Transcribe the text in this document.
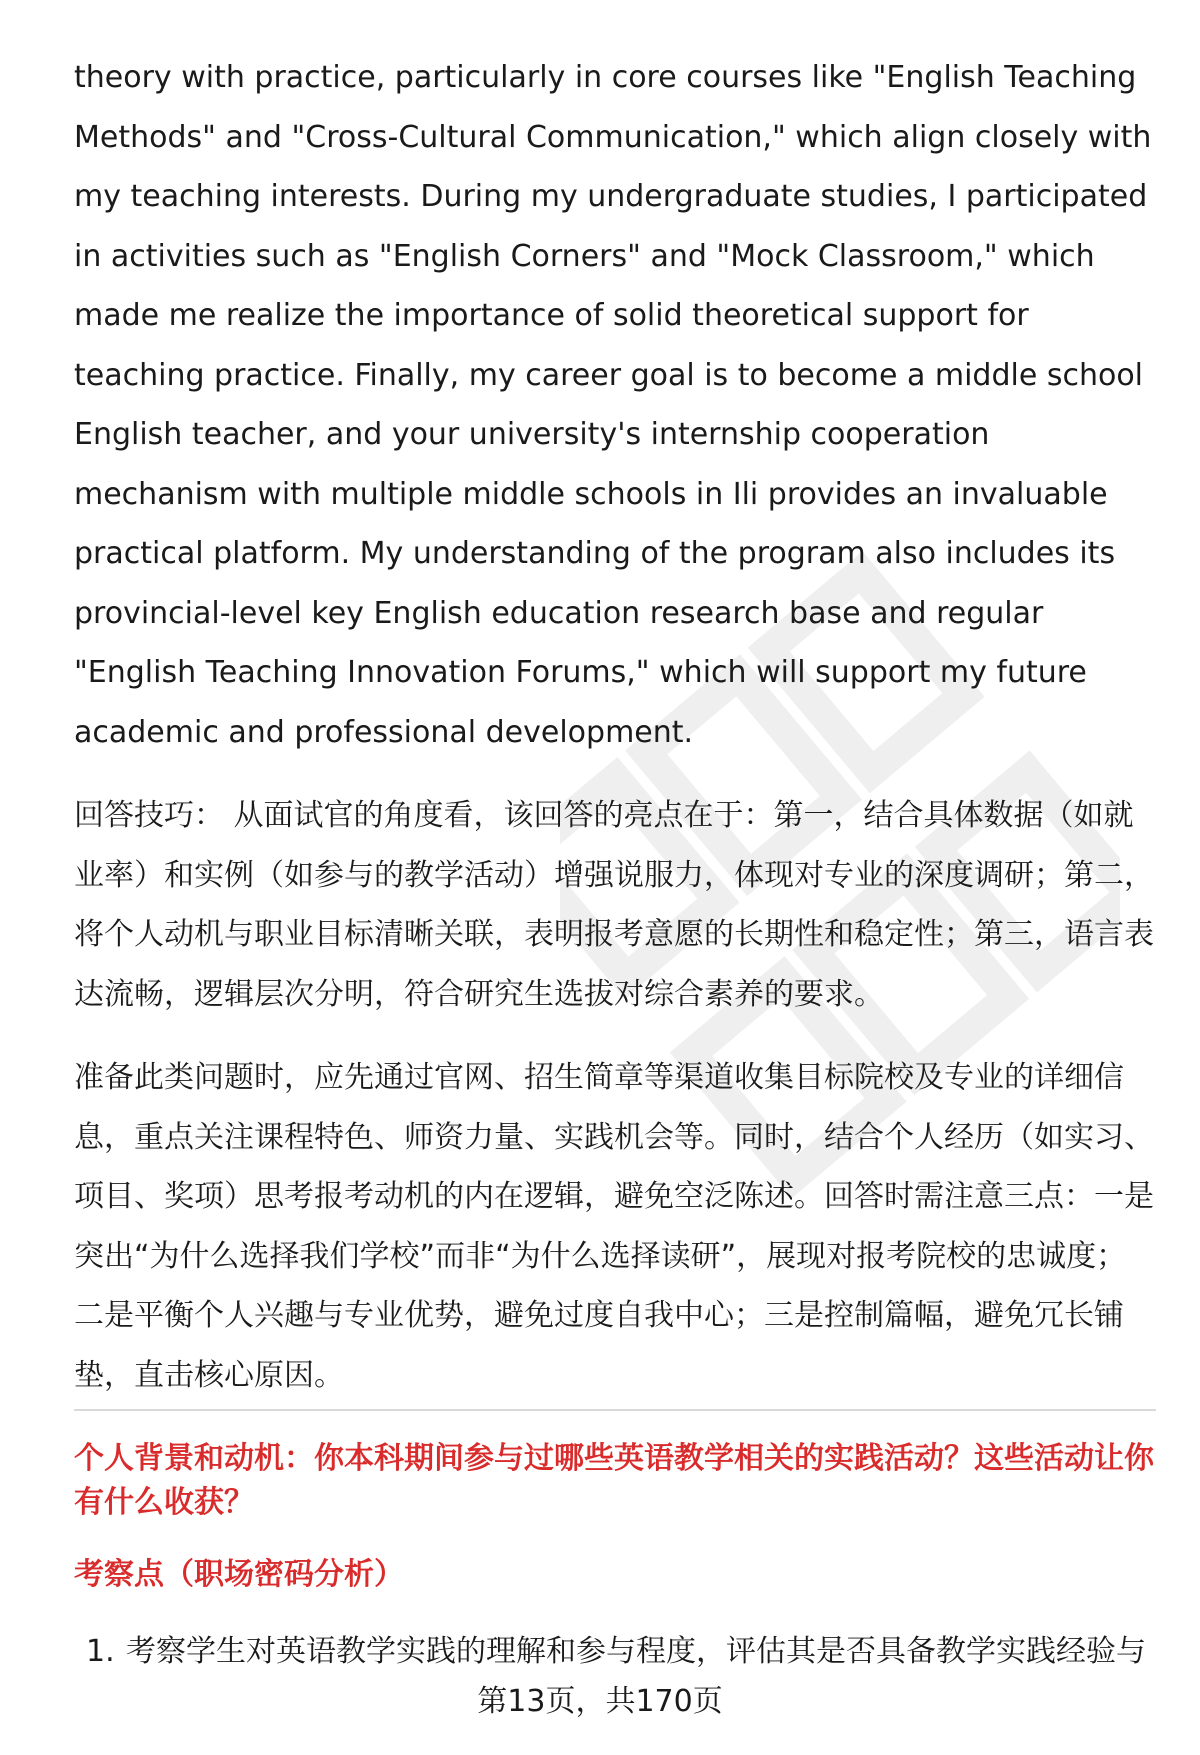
theory with practice, particularly in core courses like "English Teaching Methods" and "Cross-Cultural Communication," which align closely with my teaching interests. During my undergraduate studies, I participated in activities such as "English Corners" and "Mock Classroom," which made me realize the importance of solid theoretical support for teaching practice. Finally, my career goal is to become a middle school English teacher, and your university's internship cooperation mechanism with multiple middle schools in Ili provides an invaluable practical platform. My understanding of the program also includes its provincial-level key English education research base and regular "English Teaching Innovation Forums," which will support my future academic and professional development.

回答技巧： 从面试官的角度看，该回答的亮点在于：第一，结合具体数据（如就业率）和实例（如参与的教学活动）增强说服力，体现对专业的深度调研；第二，将个人动机与职业目标清晰关联，表明报考意愿的长期性和稳定性；第三，语言表达流畅，逻辑层次分明，符合研究生选拔对综合素养的要求。

准备此类问题时，应先通过官网、招生简章等渠道收集目标院校及专业的详细信息，重点关注课程特色、师资力量、实践机会等。同时，结合个人经历（如实习、项目、奖项）思考报考动机的内在逻辑，避免空泛陈述。回答时需注意三点：一是突出“为什么选择我们学校”而非“为什么选择读研”，展现对报考院校的忠诚度；二是平衡个人兴趣与专业优势，避免过度自我中心；三是控制篇幅，避免冗长铺垫，直击核心原因。

个人背景和动机：你本科期间参与过哪些英语教学相关的实践活动？这些活动让你有什么收获？

考察点（职场密码分析）

1. 考察学生对英语教学实践的理解和参与程度，评估其是否具备教学实践经验与

第13页，共170页
